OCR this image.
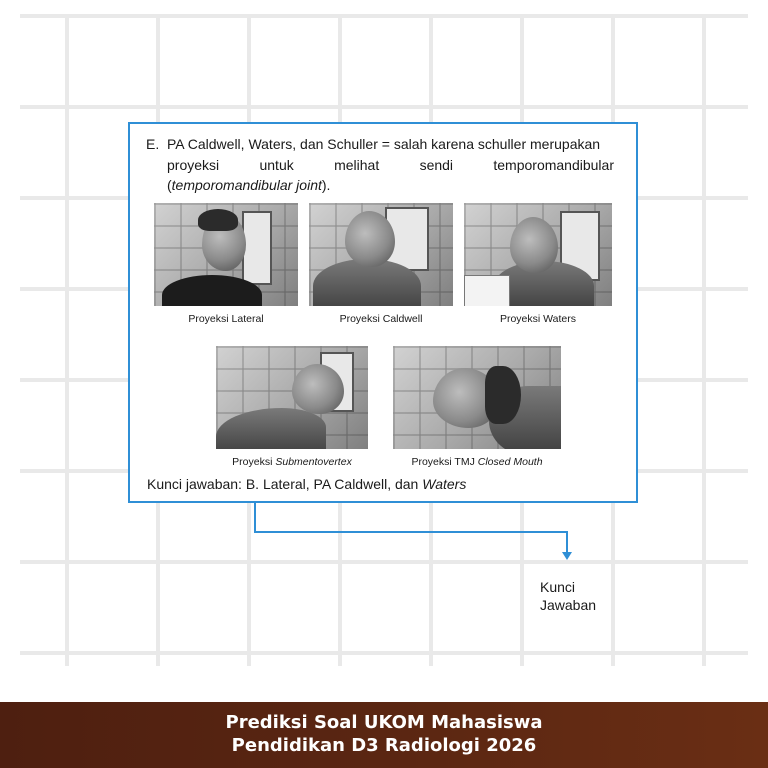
E. PA Caldwell, Waters, dan Schuller = salah karena schuller merupakan
proyeksi	untuk	melihat	sendi	temporomandibular
(temporomandibular joint).
Proyeksi Lateral	Proyeksi Caldwell	Proyeksi Waters
Proyeksi Submentovertex	Proyeksi TMJ Closed Mouth
Kunci jawaban: B. Lateral, PA Caldwell, dan Waters
Kunci
Jawaban
Prediksi Soal UKOM Mahasiswa
Pendidikan D3 Radiologi 2026
